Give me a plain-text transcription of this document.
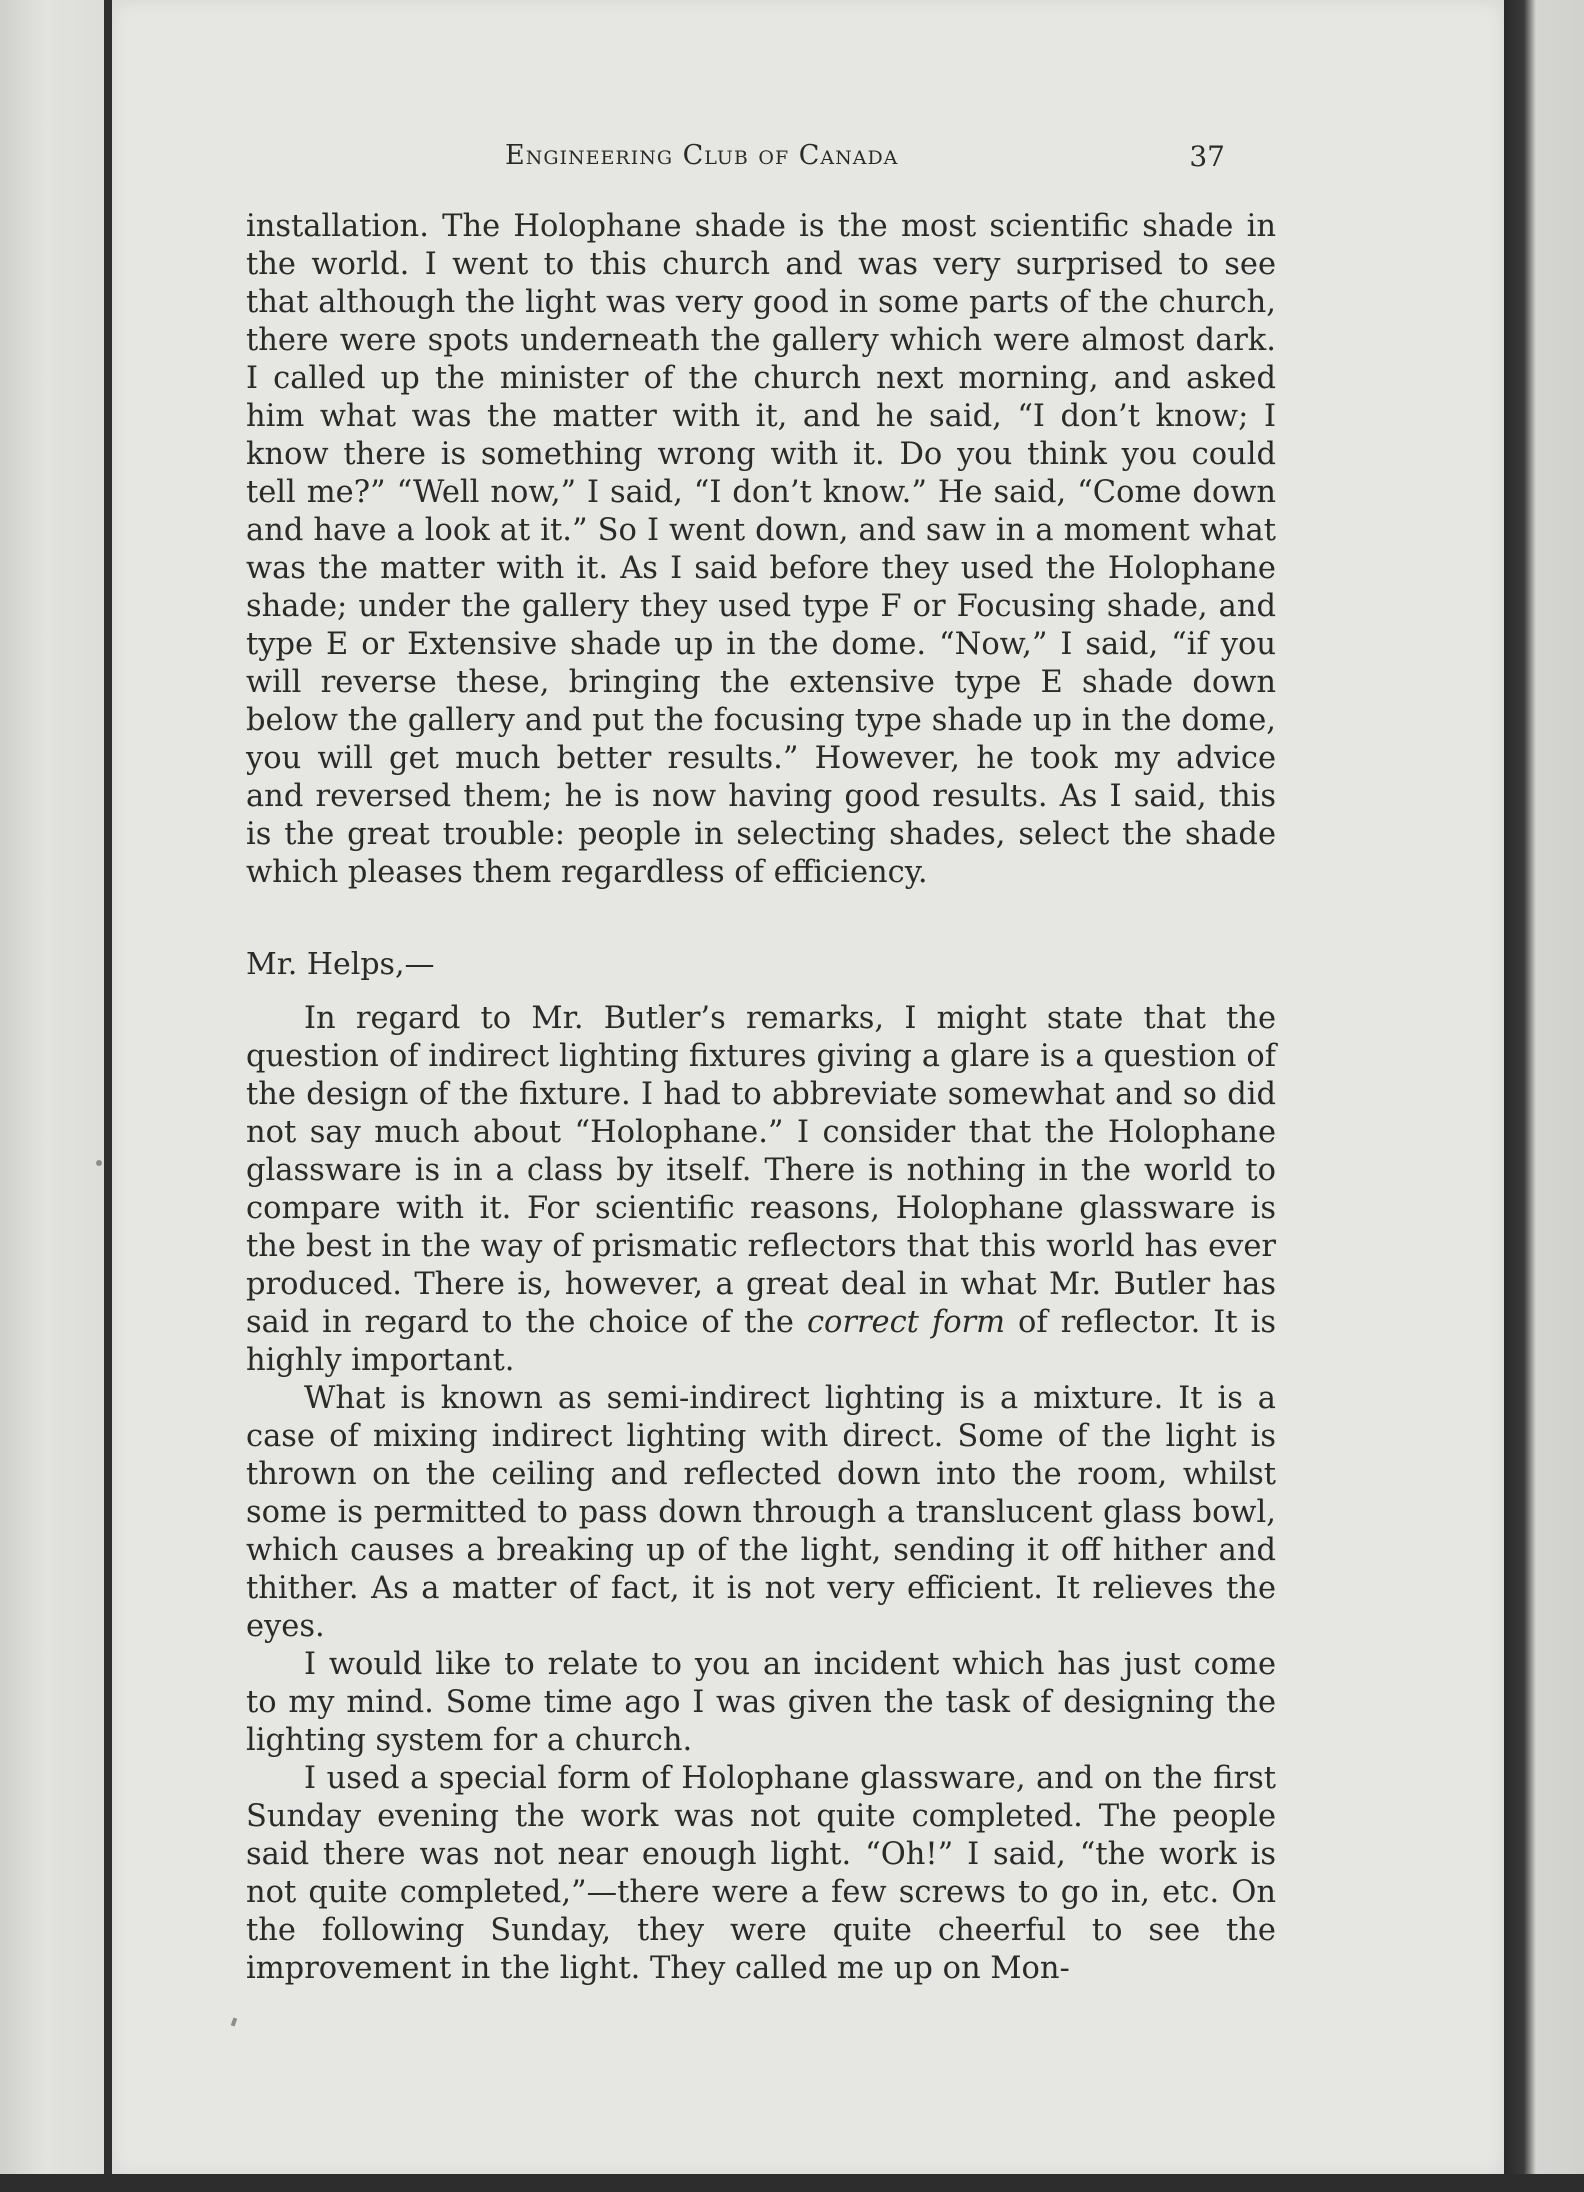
Engineering Club of Canada	37

installation. The Holophane shade is the most scientific shade in the world. I went to this church and was very surprised to see that although the light was very good in some parts of the church, there were spots underneath the gallery which were almost dark. I called up the minister of the church next morning, and asked him what was the matter with it, and he said, “I don’t know; I know there is something wrong with it. Do you think you could tell me?” “Well now,” I said, “I don’t know.” He said, “Come down and have a look at it.” So I went down, and saw in a moment what was the matter with it. As I said before they used the Holophane shade; under the gallery they used type F or Focusing shade, and type E or Extensive shade up in the dome. “Now,” I said, “if you will reverse these, bringing the extensive type E shade down below the gallery and put the focusing type shade up in the dome, you will get much better results.” However, he took my advice and reversed them; he is now having good results. As I said, this is the great trouble: people in selecting shades, select the shade which pleases them regardless of efficiency.

Mr. Helps,—

In regard to Mr. Butler’s remarks, I might state that the question of indirect lighting fixtures giving a glare is a question of the design of the fixture. I had to abbreviate somewhat and so did not say much about “Holophane.” I consider that the Holophane glassware is in a class by itself. There is nothing in the world to compare with it. For scientific reasons, Holophane glassware is the best in the way of prismatic reflectors that this world has ever produced. There is, however, a great deal in what Mr. Butler has said in regard to the choice of the correct form of reflector. It is highly important.

What is known as semi-indirect lighting is a mixture. It is a case of mixing indirect lighting with direct. Some of the light is thrown on the ceiling and reflected down into the room, whilst some is permitted to pass down through a translucent glass bowl, which causes a breaking up of the light, sending it off hither and thither. As a matter of fact, it is not very efficient. It relieves the eyes.

I would like to relate to you an incident which has just come to my mind. Some time ago I was given the task of designing the lighting system for a church.

I used a special form of Holophane glassware, and on the first Sunday evening the work was not quite completed. The people said there was not near enough light. “Oh!” I said, “the work is not quite completed,”—there were a few screws to go in, etc. On the following Sunday, they were quite cheerful to see the improvement in the light. They called me up on Mon-
